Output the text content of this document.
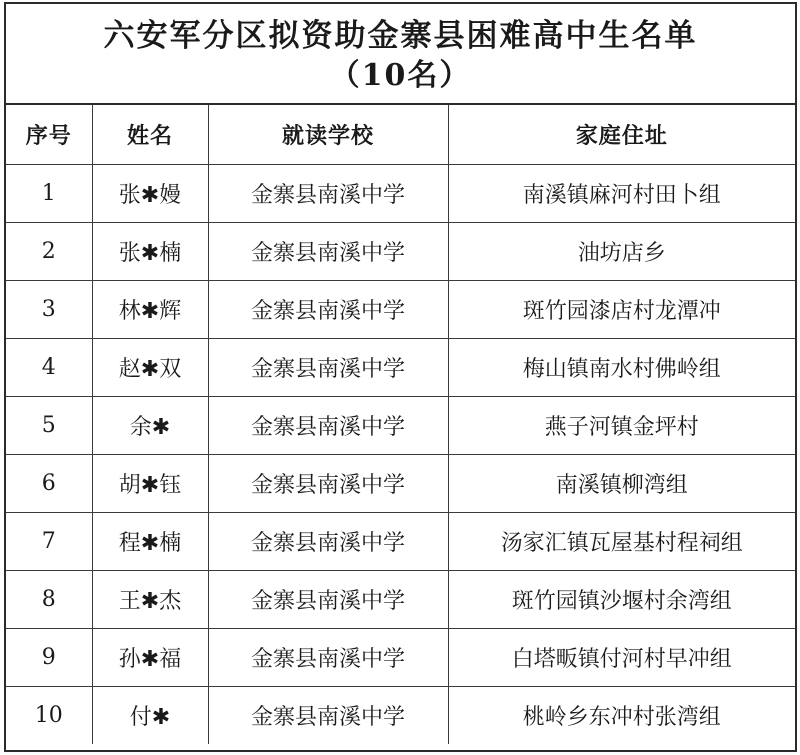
六安军分区拟资助金寨县困难高中生名单
（10名）
序号	姓名	就读学校	家庭住址
1	张✱嫚	金寨县南溪中学	南溪镇麻河村田卜组
2	张✱楠	金寨县南溪中学	油坊店乡
3	林✱辉	金寨县南溪中学	斑竹园漆店村龙潭冲
4	赵✱双	金寨县南溪中学	梅山镇南水村佛岭组
5	余✱	金寨县南溪中学	燕子河镇金坪村
6	胡✱钰	金寨县南溪中学	南溪镇柳湾组
7	程✱楠	金寨县南溪中学	汤家汇镇瓦屋基村程祠组
8	王✱杰	金寨县南溪中学	斑竹园镇沙堰村余湾组
9	孙✱福	金寨县南溪中学	白塔畈镇付河村早冲组
10	付✱	金寨县南溪中学	桃岭乡东冲村张湾组
